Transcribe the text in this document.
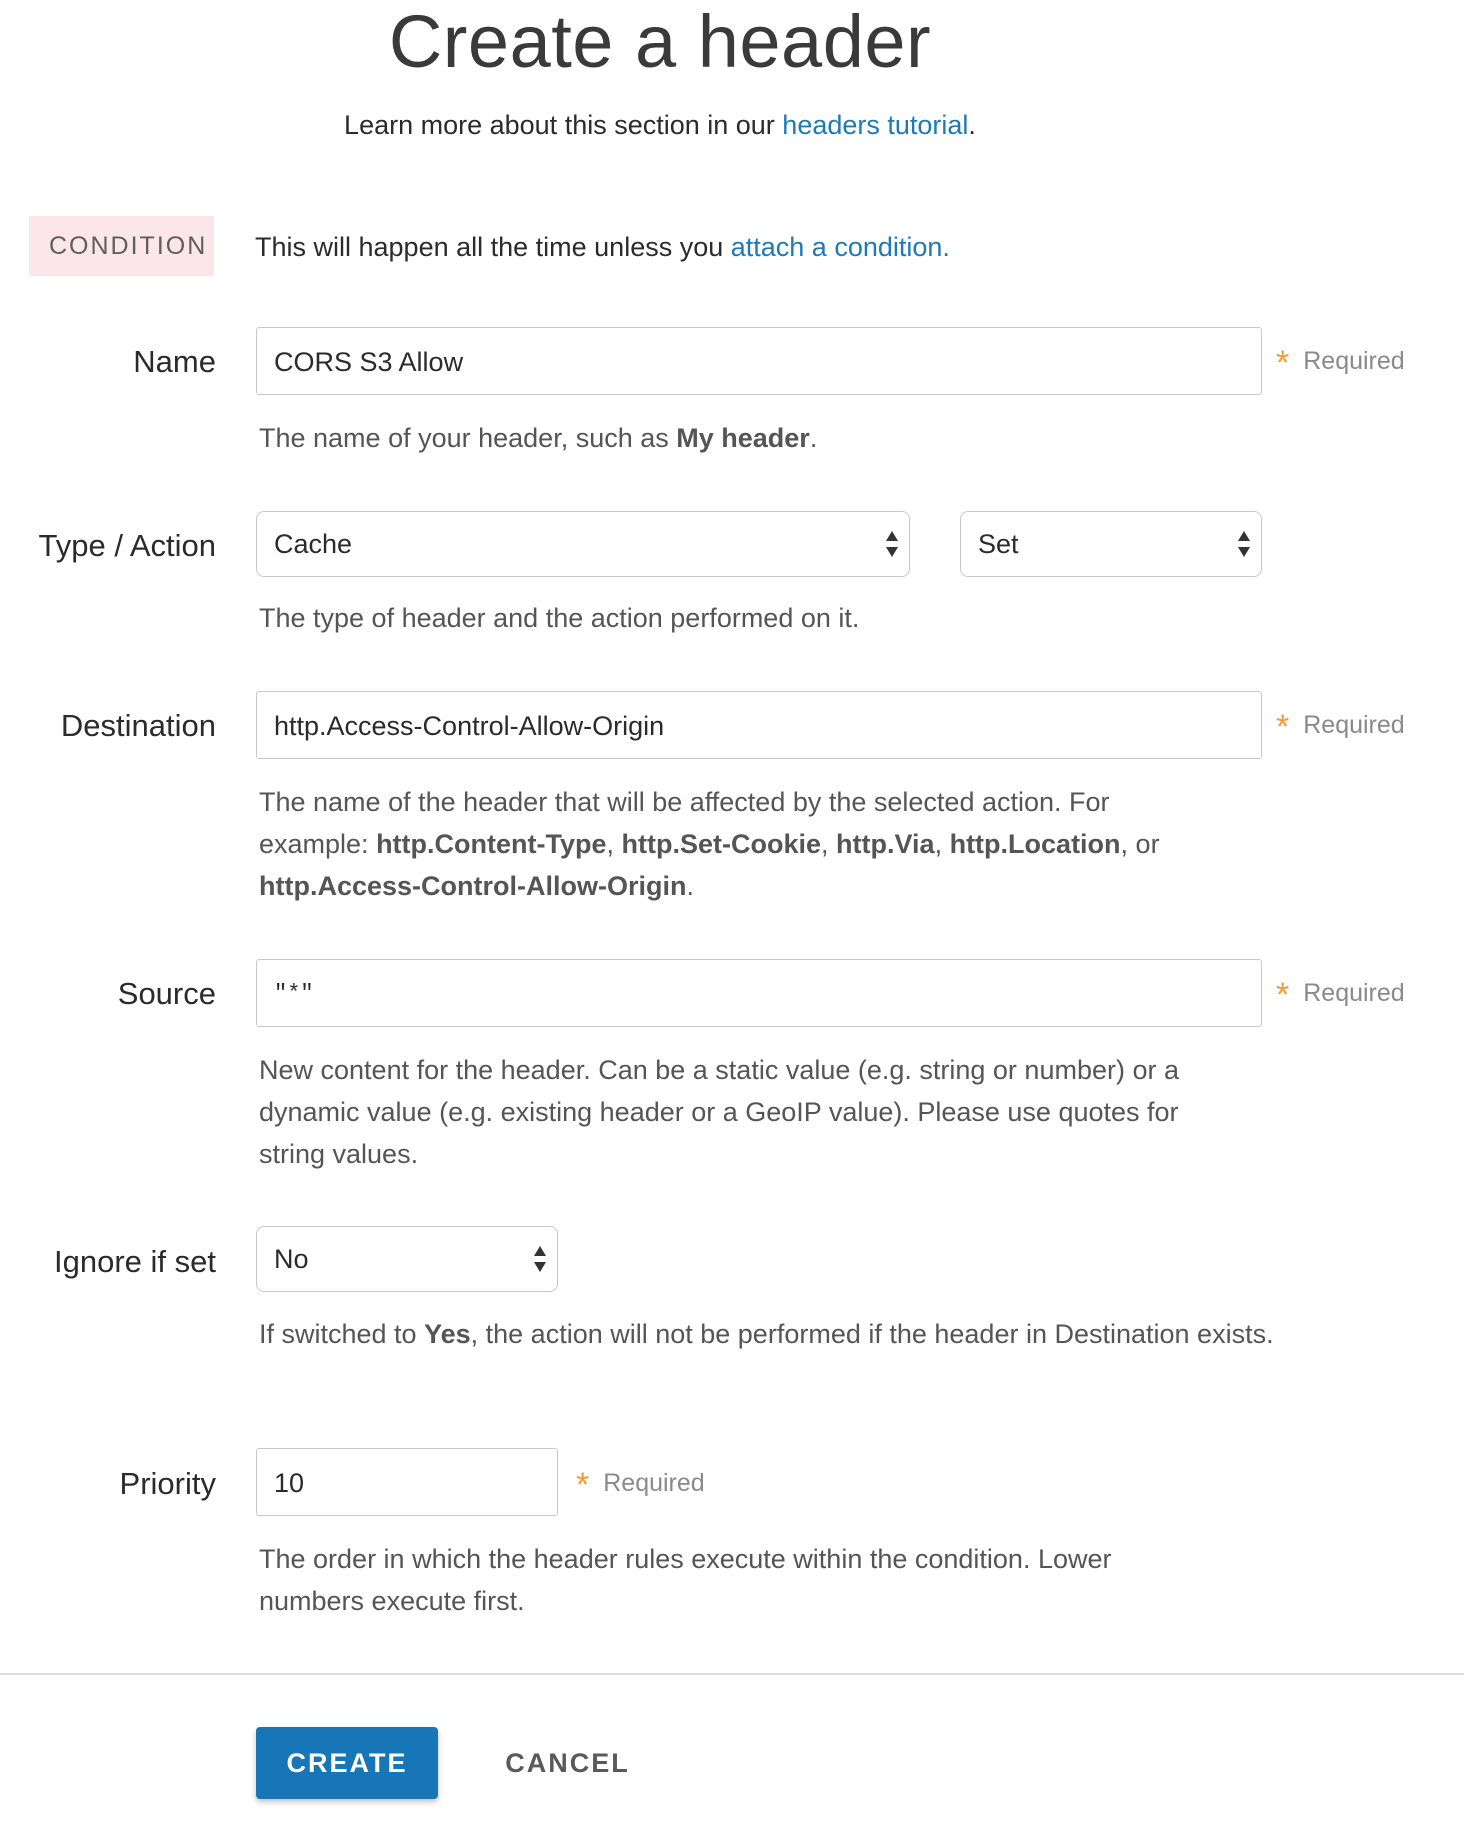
Create a header
Learn more about this section in our headers tutorial.
CONDITION This will happen all the time unless you attach a condition.
Name	CORS S3 Allow	* Required
The name of your header, such as My header.
Type / Action	Cache	Set
The type of header and the action performed on it.
Destination	http.Access-Control-Allow-Origin	* Required
The name of the header that will be affected by the selected action. For example: http.Content-Type, http.Set-Cookie, http.Via, http.Location, or http.Access-Control-Allow-Origin.
Source	"*"	* Required
New content for the header. Can be a static value (e.g. string or number) or a dynamic value (e.g. existing header or a GeoIP value). Please use quotes for string values.
Ignore if set	No
If switched to Yes, the action will not be performed if the header in Destination exists.
Priority	10	* Required
The order in which the header rules execute within the condition. Lower numbers execute first.
CREATE	CANCEL
